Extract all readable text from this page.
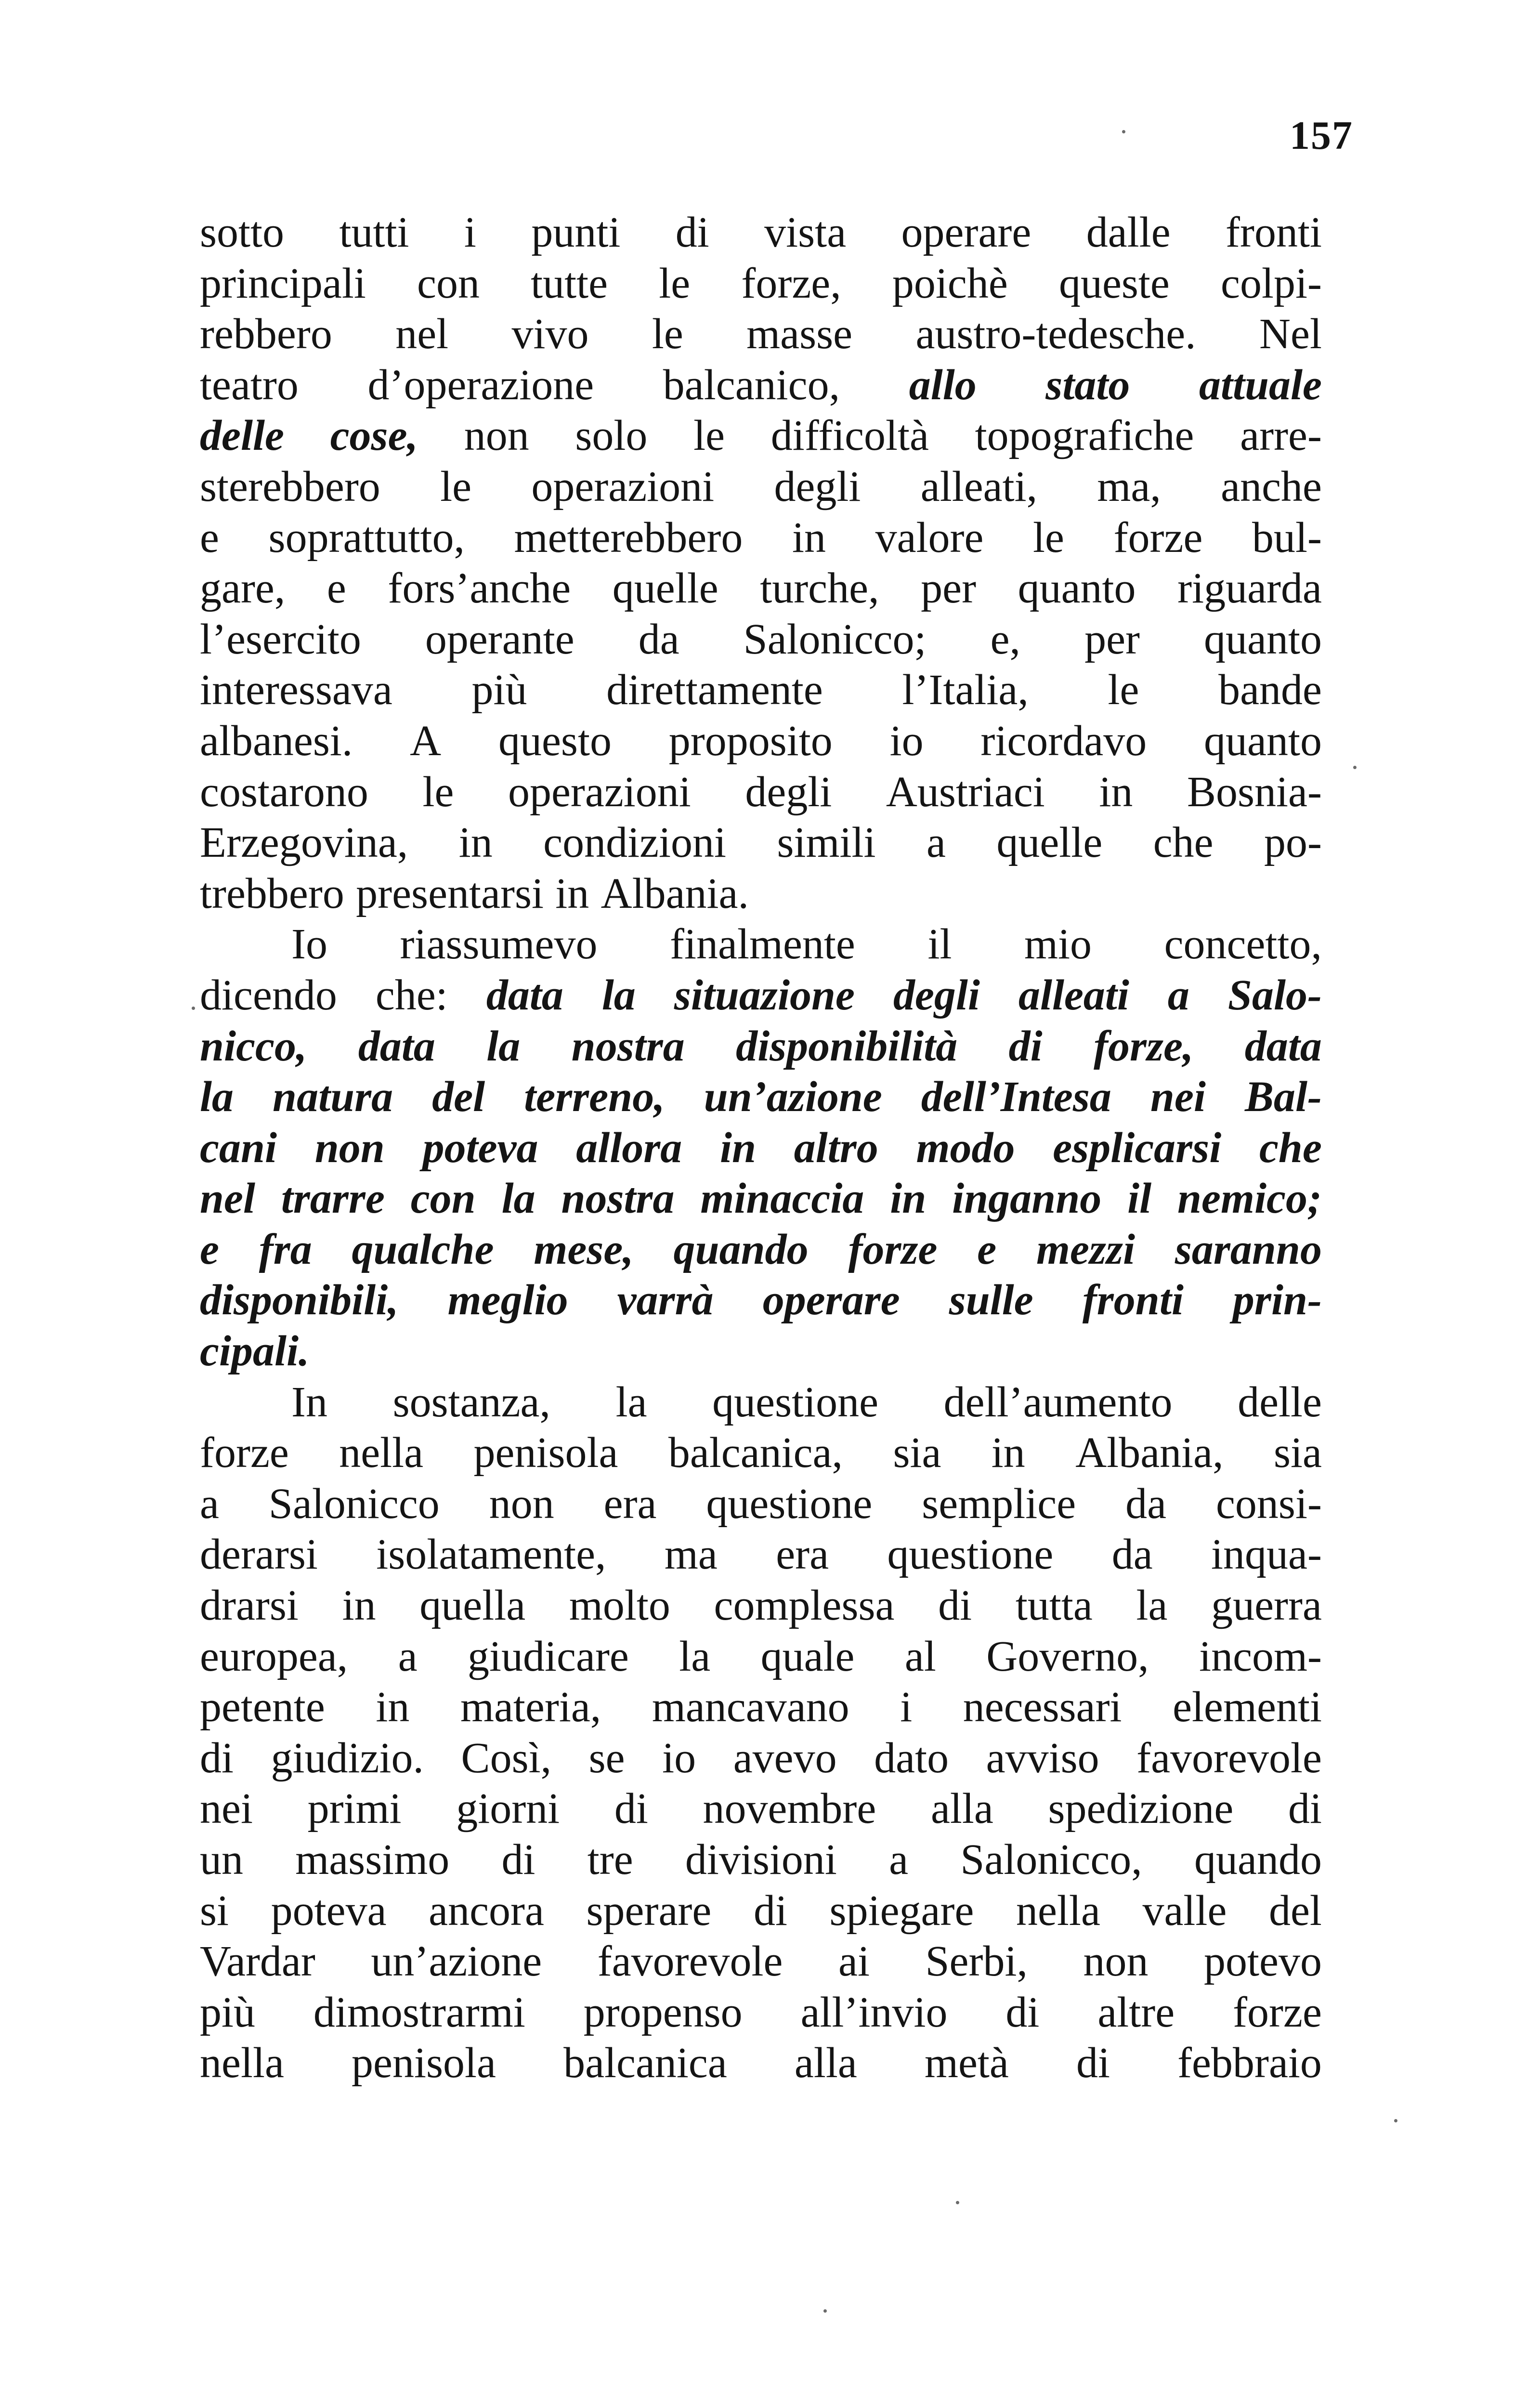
157
sotto tutti i punti di vista operare dalle fronti
principali con tutte le forze, poichè queste colpi-
rebbero nel vivo le masse austro-tedesche. Nel
teatro d’operazione balcanico, allo stato attuale
delle cose, non solo le difficoltà topografiche arre-
sterebbero le operazioni degli alleati, ma, anche
e soprattutto, metterebbero in valore le forze bul-
gare, e fors’anche quelle turche, per quanto riguarda
l’esercito operante da Salonicco; e, per quanto
interessava più direttamente l’Italia, le bande
albanesi. A questo proposito io ricordavo quanto
costarono le operazioni degli Austriaci in Bosnia-
Erzegovina, in condizioni simili a quelle che po-
trebbero presentarsi in Albania.
Io riassumevo finalmente il mio concetto,
dicendo che: data la situazione degli alleati a Salo-
nicco, data la nostra disponibilità di forze, data
la natura del terreno, un’azione dell’Intesa nei Bal-
cani non poteva allora in altro modo esplicarsi che
nel trarre con la nostra minaccia in inganno il nemico;
e fra qualche mese, quando forze e mezzi saranno
disponibili, meglio varrà operare sulle fronti prin-
cipali.
In sostanza, la questione dell’aumento delle
forze nella penisola balcanica, sia in Albania, sia
a Salonicco non era questione semplice da consi-
derarsi isolatamente, ma era questione da inqua-
drarsi in quella molto complessa di tutta la guerra
europea, a giudicare la quale al Governo, incom-
petente in materia, mancavano i necessari elementi
di giudizio. Così, se io avevo dato avviso favorevole
nei primi giorni di novembre alla spedizione di
un massimo di tre divisioni a Salonicco, quando
si poteva ancora sperare di spiegare nella valle del
Vardar un’azione favorevole ai Serbi, non potevo
più dimostrarmi propenso all’invio di altre forze
nella penisola balcanica alla metà di febbraio
